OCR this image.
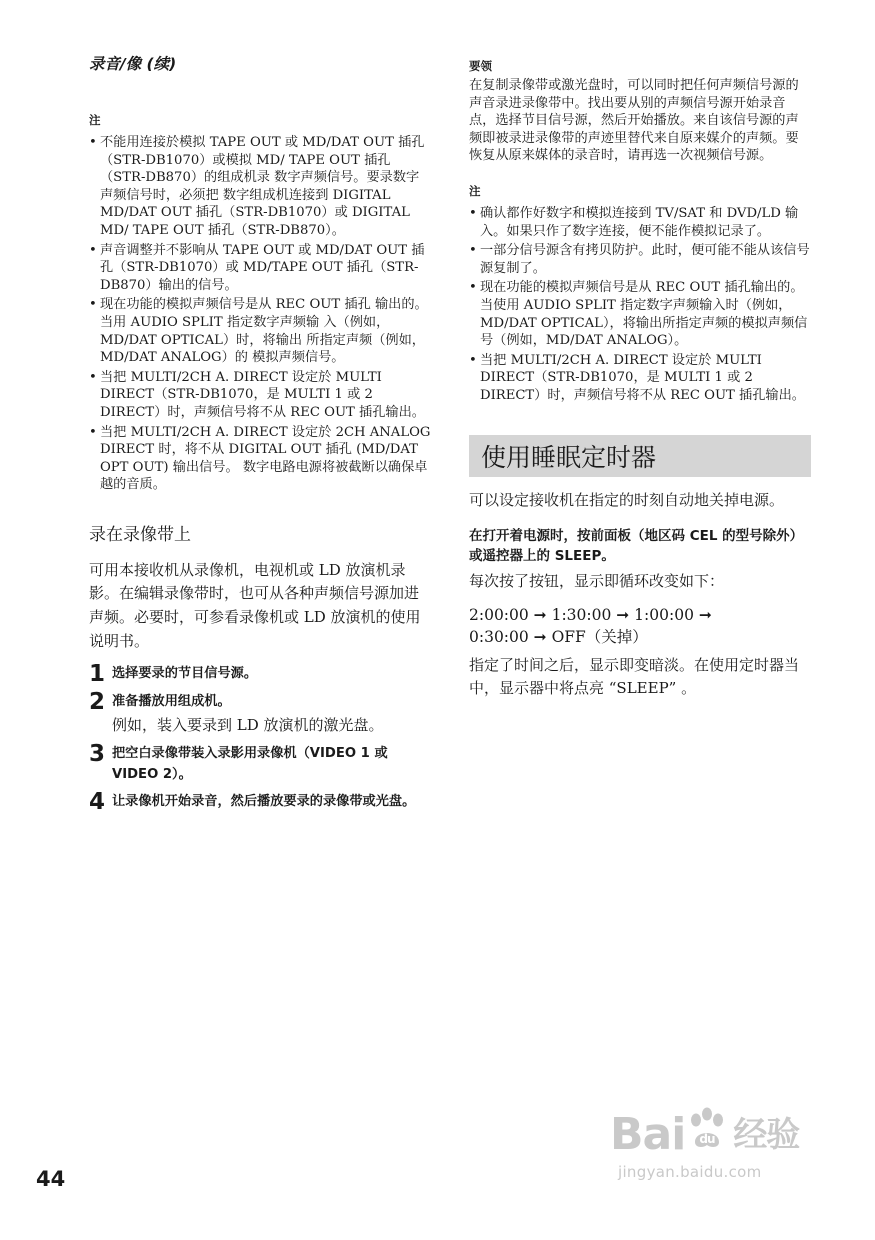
录音/像 (续)
注
• 不能用连接於模拟 TAPE OUT 或 MD/DAT OUT 插孔（STR-DB1070）或模拟 MD/ TAPE OUT 插孔（STR-DB870）的组成机录 数字声频信号。要录数字声频信号时，必须把 数字组成机连接到 DIGITAL MD/DAT OUT 插孔（STR-DB1070）或 DIGITAL MD/ TAPE OUT 插孔（STR-DB870）。
• 声音调整并不影响从 TAPE OUT 或 MD/DAT OUT 插孔（STR-DB1070）或 MD/TAPE OUT 插孔（STR-DB870）输出的信号。
• 现在功能的模拟声频信号是从 REC OUT 插孔 输出的。当用 AUDIO SPLIT 指定数字声频输 入（例如，MD/DAT OPTICAL）时，将输出 所指定声频（例如，MD/DAT ANALOG）的 模拟声频信号。
• 当把 MULTI/2CH A. DIRECT 设定於 MULTI DIRECT（STR-DB1070，是 MULTI 1 或 2 DIRECT）时，声频信号将不从 REC OUT 插孔输出。
• 当把 MULTI/2CH A. DIRECT 设定於 2CH ANALOG DIRECT 时，将不从 DIGITAL OUT 插孔 (MD/DAT OPT OUT) 输出信号。 数字电路电源将被截断以确保卓越的音质。
录在录像带上

可用本接收机从录像机，电视机或 LD 放演机录影。在编辑录像带时，也可从各种声频信号源加进声频。必要时，可参看录像机或 LD 放演机的使用说明书。

1 选择要录的节目信号源。
2 准备播放用组成机。
例如，装入要录到 LD 放演机的激光盘。
3 把空白录像带装入录影用录像机（VIDEO 1 或 VIDEO 2）。
4 让录像机开始录音，然后播放要录的录像带或光盘。
要领

在复制录像带或激光盘时，可以同时把任何声频信号源的声音录进录像带中。找出要从别的声频信号源开始录音点，选择节目信号源，然后开始播放。来自该信号源的声频即被录进录像带的声迹里替代来自原来媒介的声频。要恢复从原来媒体的录音时，请再选一次视频信号源。

注
• 确认都作好数字和模拟连接到 TV/SAT 和 DVD/LD 输入。如果只作了数字连接，便不能作模拟记录了。
• 一部分信号源含有拷贝防护。此时，便可能不能从该信号源复制了。
• 现在功能的模拟声频信号是从 REC OUT 插孔输出的。当使用 AUDIO SPLIT 指定数字声频输入时（例如，MD/DAT OPTICAL），将输出所指定声频的模拟声频信号（例如，MD/DAT ANALOG）。
• 当把 MULTI/2CH A. DIRECT 设定於 MULTI DIRECT（STR-DB1070，是 MULTI 1 或 2 DIRECT）时，声频信号将不从 REC OUT 插孔输出。
使用睡眠定时器

可以设定接收机在指定的时刻自动地关掉电源。

在打开着电源时，按前面板（地区码 CEL 的型号除外）或遥控器上的 SLEEP。
每次按了按钮，显示即循环改变如下：
2:00:00 ➞ 1:30:00 ➞ 1:00:00 ➞
0:30:00 ➞ OFF（关掉）

指定了时间之后，显示即变暗淡。在使用定时器当中，显示器中将点亮 “SLEEP” 。

44
Bai du 经验
jingyan.baidu.com
